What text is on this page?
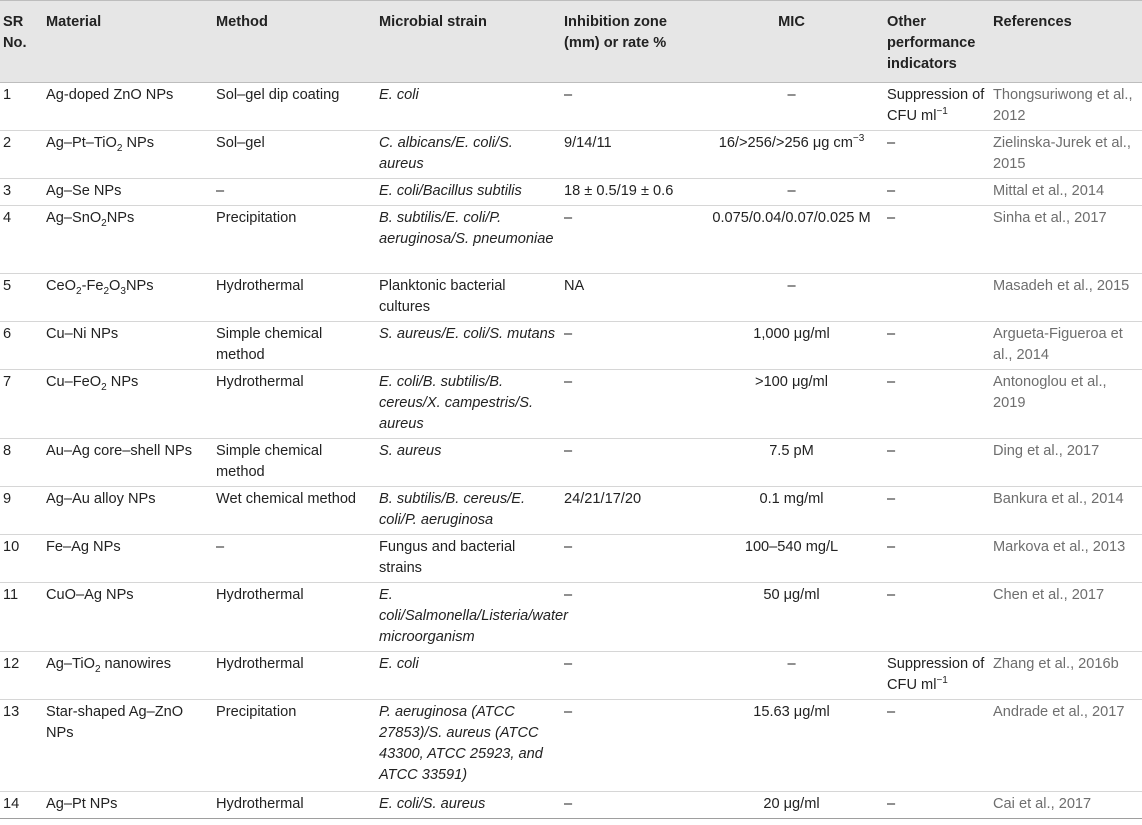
SR No.	Material	Method	Microbial strain	Inhibition zone (mm) or rate %	MIC	Other performance indicators	References
1	Ag-doped ZnO NPs	Sol–gel dip coating	E. coli	–	–	Suppression of CFU $ml^{-1}$	Thongsuriwong et al., 2012
2	Ag–Pt–TiO$_2$ NPs	Sol–gel	C. albicans/E. coli/S. aureus	9/14/11	16/>256/>256 μg $cm^{-3}$	–	Zielinska-Jurek et al., 2015
3	Ag–Se NPs	–	E. coli/Bacillus subtilis	18 ± 0.5/19 ± 0.6	–	–	Mittal et al., 2014
4	Ag–SnO$_2$NPs	Precipitation	B. subtilis/E. coli/P. aeruginosa/S. pneumoniae	–	0.075/0.04/0.07/0.025 M	–	Sinha et al., 2017
5	$CeO_2-Fe_2O_3NPs$	Hydrothermal	Planktonic bacterial cultures	NA	–		Masadeh et al., 2015
6	Cu–Ni NPs	Simple chemical method	S. aureus/E. coli/S. mutans	–	1,000 μg/ml	–	Argueta-Figueroa et al., 2014
7	Cu–FeO$_2$ NPs	Hydrothermal	E. coli/B. subtilis/B. cereus/X. campestris/S. aureus	–	>100 μg/ml	–	Antonoglou et al., 2019
8	Au–Ag core–shell NPs	Simple chemical method	S. aureus	–	7.5 pM	–	Ding et al., 2017
9	Ag–Au alloy NPs	Wet chemical method	B. subtilis/B. cereus/E. coli/P. aeruginosa	24/21/17/20	0.1 mg/ml	–	Bankura et al., 2014
10	Fe–Ag NPs	–	Fungus and bacterial strains	–	100–540 mg/L	–	Markova et al., 2013
11	CuO–Ag NPs	Hydrothermal	E. coli/Salmonella/Listeria/water microorganism	–	50 μg/ml	–	Chen et al., 2017
12	Ag–TiO$_2$ nanowires	Hydrothermal	E. coli	–	–	Suppression of CFU $ml^{-1}$	Zhang et al., 2016b
13	Star-shaped Ag–ZnO NPs	Precipitation	P. aeruginosa (ATCC 27853)/S. aureus (ATCC 43300, ATCC 25923, and ATCC 33591)	–	15.63 μg/ml	–	Andrade et al., 2017
14	Ag–Pt NPs	Hydrothermal	E. coli/S. aureus	–	20 μg/ml	–	Cai et al., 2017
